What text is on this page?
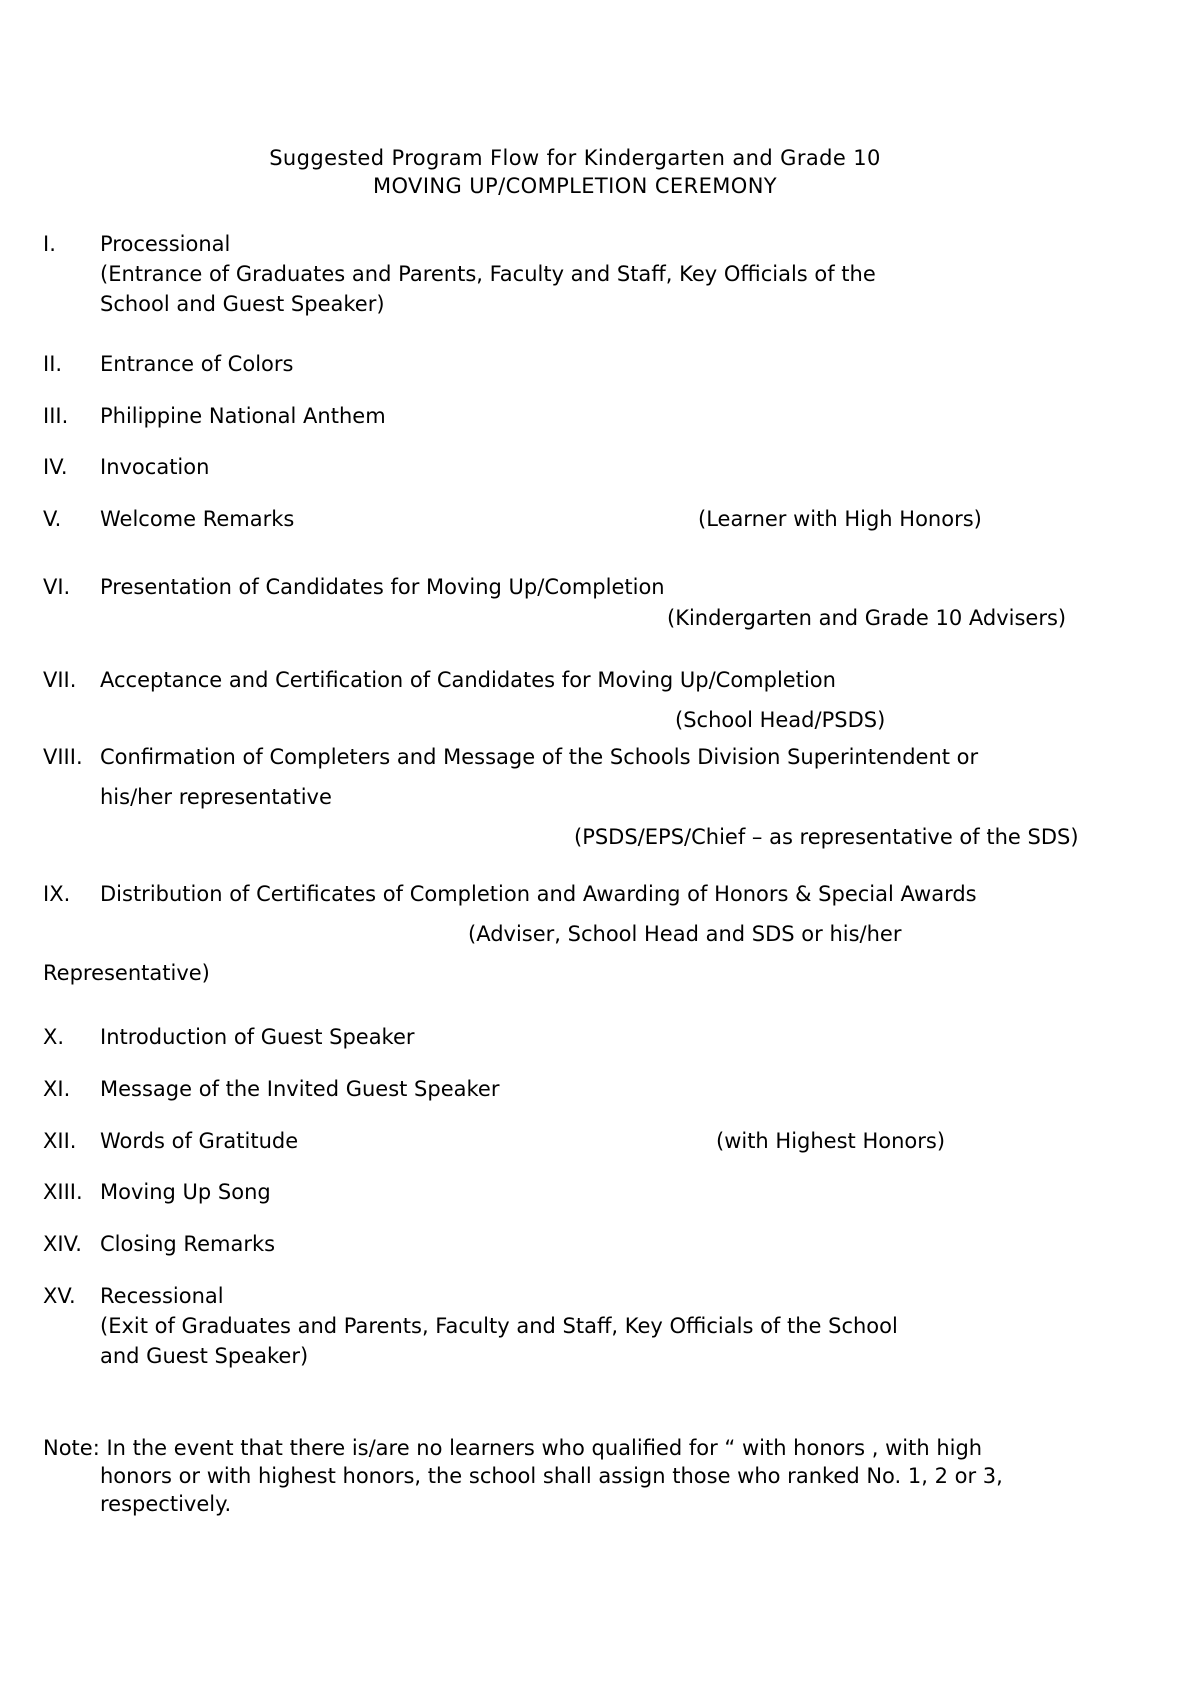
Suggested Program Flow for Kindergarten and Grade 10
MOVING UP/COMPLETION CEREMONY
I. Processional
(Entrance of Graduates and Parents, Faculty and Staff, Key Officials of the
School and Guest Speaker)
II. Entrance of Colors
III. Philippine National Anthem
IV. Invocation
V. Welcome Remarks	(Learner with High Honors)
VI. Presentation of Candidates for Moving Up/Completion
(Kindergarten and Grade 10 Advisers)
VII. Acceptance and Certification of Candidates for Moving Up/Completion
(School Head/PSDS)
VIII. Confirmation of Completers and Message of the Schools Division Superintendent or
his/her representative
(PSDS/EPS/Chief – as representative of the SDS)
IX. Distribution of Certificates of Completion and Awarding of Honors & Special Awards
(Adviser, School Head and SDS or his/her
Representative)
X. Introduction of Guest Speaker
XI. Message of the Invited Guest Speaker
XII. Words of Gratitude	(with Highest Honors)
XIII. Moving Up Song
XIV. Closing Remarks
XV. Recessional
(Exit of Graduates and Parents, Faculty and Staff, Key Officials of the School
and Guest Speaker)
Note: In the event that there is/are no learners who qualified for “ with honors , with high
honors or with highest honors, the school shall assign those who ranked No. 1, 2 or 3,
respectively.
